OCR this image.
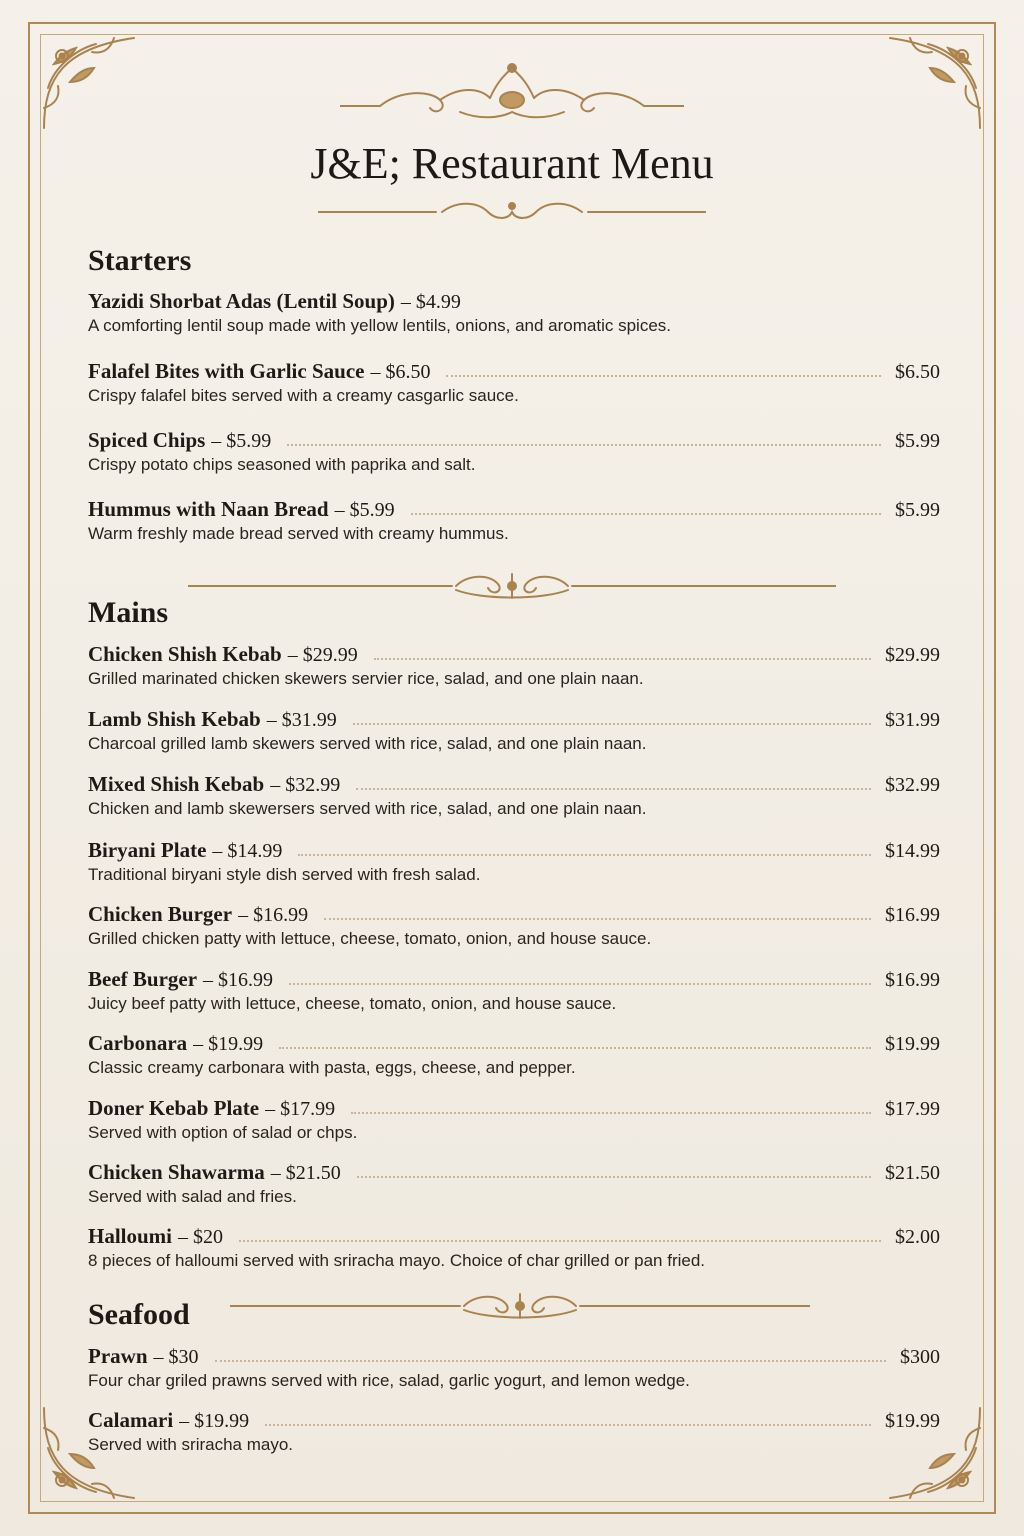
J&E; Restaurant Menu
Starters
Yazidi Shorbat Adas (Lentil Soup) – $4.99
A comforting lentil soup made with yellow lentils, onions, and aromatic spices.
Falafel Bites with Garlic Sauce – $6.50	$6.50
Crispy falafel bites served with a creamy casgarlic sauce.
Spiced Chips – $5.99	$5.99
Crispy potato chips seasoned with paprika and salt.
Hummus with Naan Bread – $5.99	$5.99
Warm freshly made bread served with creamy hummus.
Mains
Chicken Shish Kebab – $29.99	$29.99
Grilled marinated chicken skewers servier rice, salad, and one plain naan.
Lamb Shish Kebab – $31.99	$31.99
Charcoal grilled lamb skewers served with rice, salad, and one plain naan.
Mixed Shish Kebab – $32.99	$32.99
Chicken and lamb skewersers served with rice, salad, and one plain naan.
Biryani Plate – $14.99	$14.99
Traditional biryani style dish served with fresh salad.
Chicken Burger – $16.99	$16.99
Grilled chicken patty with lettuce, cheese, tomato, onion, and house sauce.
Beef Burger – $16.99	$16.99
Juicy beef patty with lettuce, cheese, tomato, onion, and house sauce.
Carbonara – $19.99	$19.99
Classic creamy carbonara with pasta, eggs, cheese, and pepper.
Doner Kebab Plate – $17.99	$17.99
Served with option of salad or chps.
Chicken Shawarma – $21.50	$21.50
Served with salad and fries.
Halloumi – $20	$2.00
8 pieces of halloumi served with sriracha mayo. Choice of char grilled or pan fried.
Seafood
Prawn – $30	$300
Four char griled prawns served with rice, salad, garlic yogurt, and lemon wedge.
Calamari – $19.99	$19.99
Served with sriracha mayo.
